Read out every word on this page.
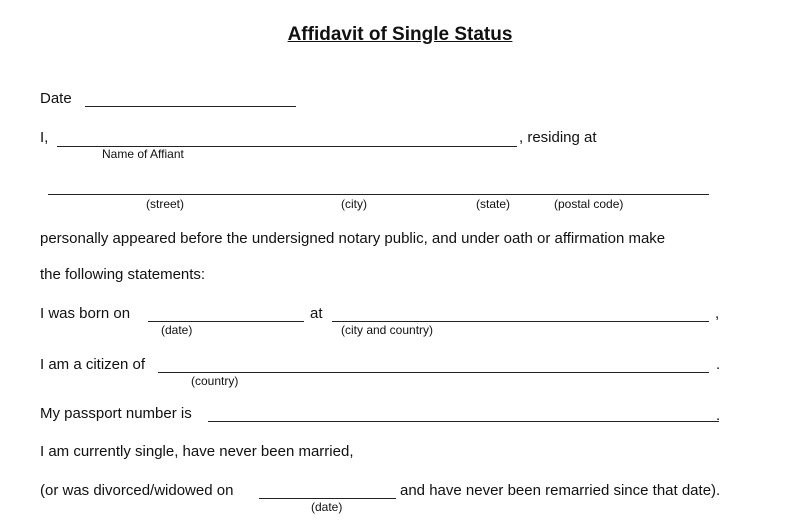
Affidavit of Single Status
Date
I,	, residing at
Name of Affiant
(street)	(city)	(state)	(postal code)
personally appeared before the undersigned notary public, and under oath or affirmation make
the following statements:
I was born on	at	,
(date)	(city and country)
I am a citizen of	.
(country)
My passport number is	.
I am currently single, have never been married,
(or was divorced/widowed on	and have never been remarried since that date).
(date)
